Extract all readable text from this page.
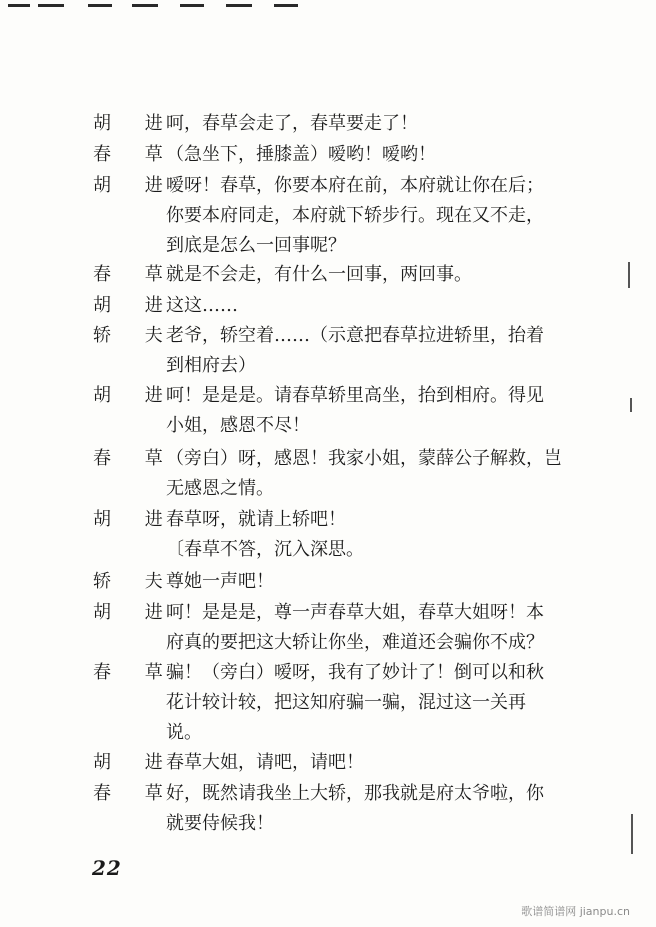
胡 进
呵，春草会走了，春草要走了！
春 草
（急坐下，捶膝盖）嗳哟！嗳哟！
胡 进
嗳呀！春草，你要本府在前，本府就让你在后；
你要本府同走，本府就下轿步行。现在又不走，
到底是怎么一回事呢？
春 草
就是不会走，有什么一回事，两回事。
胡 进
这这……
轿 夫
老爷，轿空着……（示意把春草拉进轿里，抬着
到相府去）
胡 进
呵！是是是。请春草轿里高坐，抬到相府。得见
小姐，感恩不尽！
春 草
（旁白）呀，感恩！我家小姐，蒙薛公子解救，岂
无感恩之情。
胡 进
春草呀，就请上轿吧！
〔春草不答，沉入深思。
轿 夫
尊她一声吧！
胡 进
呵！是是是，尊一声春草大姐，春草大姐呀！本
府真的要把这大轿让你坐，难道还会骗你不成？
春 草
骗！（旁白）嗳呀，我有了妙计了！倒可以和秋
花计较计较，把这知府骗一骗，混过这一关再
说。
胡 进
春草大姐，请吧，请吧！
春 草
好，既然请我坐上大轿，那我就是府太爷啦，你
就要侍候我！
22
歌谱简谱网 jianpu.cn
